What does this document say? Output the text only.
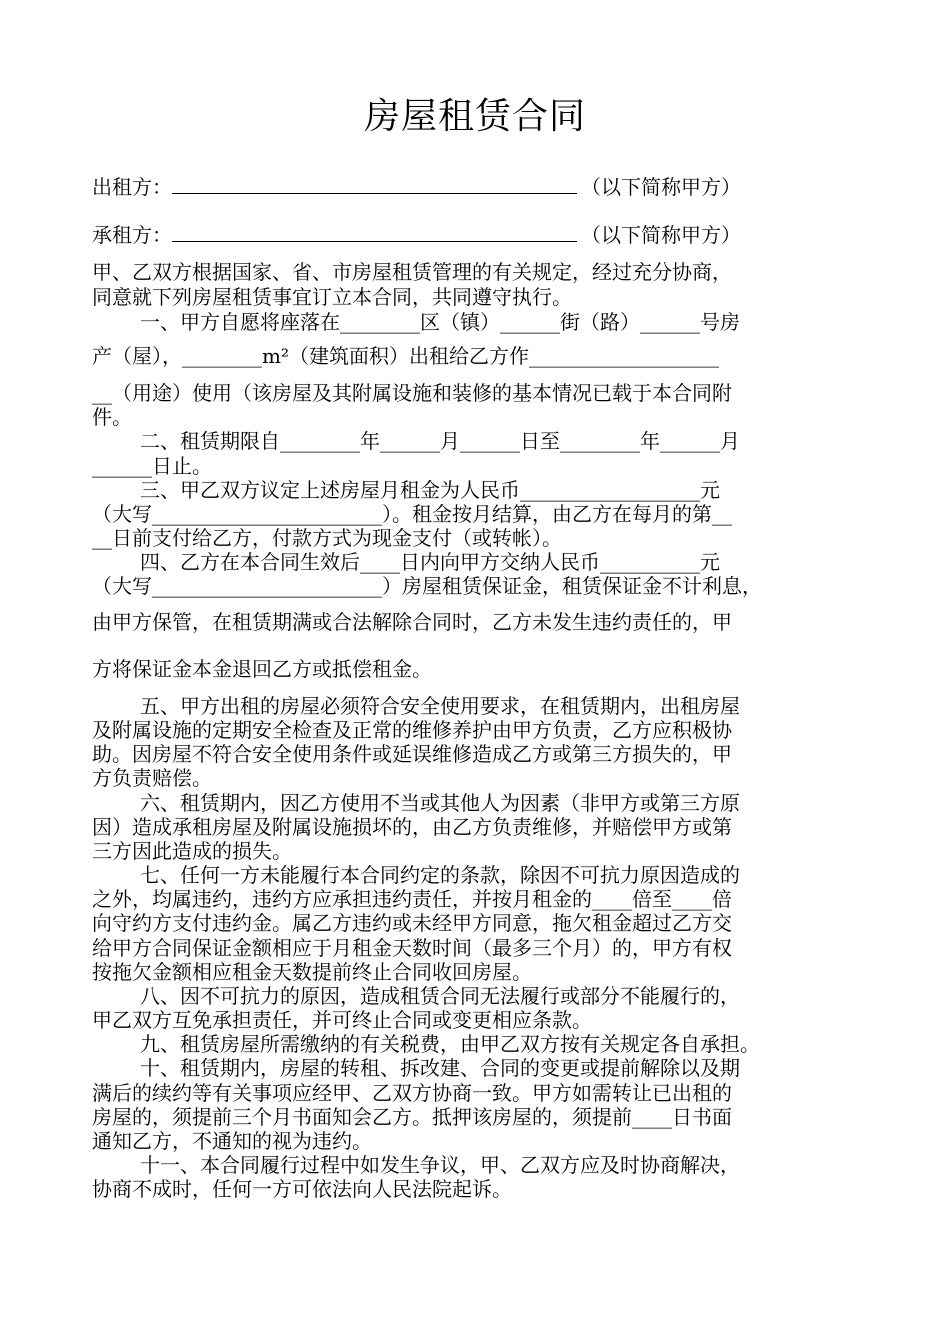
房屋租赁合同
出租方：	（以下简称甲方）
承租方：	（以下简称甲方）
甲、乙双方根据国家、省、市房屋租赁管理的有关规定，经过充分协商，
同意就下列房屋租赁事宜订立本合同，共同遵守执行。
一、甲方自愿将座落在________区（镇）______街（路）______号房
产（屋），________m²（建筑面积）出租给乙方作___________________
__（用途）使用（该房屋及其附属设施和装修的基本情况已载于本合同附
件。
二、租赁期限自________年______月______日至________年______月
______日止。
三、甲乙双方议定上述房屋月租金为人民币__________________元
（大写_______________________）。租金按月结算，由乙方在每月的第__
__日前支付给乙方，付款方式为现金支付（或转帐）。
四、乙方在本合同生效后____日内向甲方交纳人民币__________元
（大写_______________________）房屋租赁保证金，租赁保证金不计利息，
由甲方保管，在租赁期满或合法解除合同时，乙方未发生违约责任的，甲
方将保证金本金退回乙方或抵偿租金。
五、甲方出租的房屋必须符合安全使用要求，在租赁期内，出租房屋
及附属设施的定期安全检查及正常的维修养护由甲方负责，乙方应积极协
助。因房屋不符合安全使用条件或延误维修造成乙方或第三方损失的，甲
方负责赔偿。
六、租赁期内，因乙方使用不当或其他人为因素（非甲方或第三方原
因）造成承租房屋及附属设施损坏的，由乙方负责维修，并赔偿甲方或第
三方因此造成的损失。
七、任何一方未能履行本合同约定的条款，除因不可抗力原因造成的
之外，均属违约，违约方应承担违约责任，并按月租金的____倍至____倍
向守约方支付违约金。属乙方违约或未经甲方同意，拖欠租金超过乙方交
给甲方合同保证金额相应于月租金天数时间（最多三个月）的，甲方有权
按拖欠金额相应租金天数提前终止合同收回房屋。
八、因不可抗力的原因，造成租赁合同无法履行或部分不能履行的，
甲乙双方互免承担责任，并可终止合同或变更相应条款。
九、租赁房屋所需缴纳的有关税费，由甲乙双方按有关规定各自承担。
十、租赁期内，房屋的转租、拆改建、合同的变更或提前解除以及期
满后的续约等有关事项应经甲、乙双方协商一致。甲方如需转让已出租的
房屋的，须提前三个月书面知会乙方。抵押该房屋的，须提前____日书面
通知乙方，不通知的视为违约。
十一、本合同履行过程中如发生争议，甲、乙双方应及时协商解决，
协商不成时，任何一方可依法向人民法院起诉。
